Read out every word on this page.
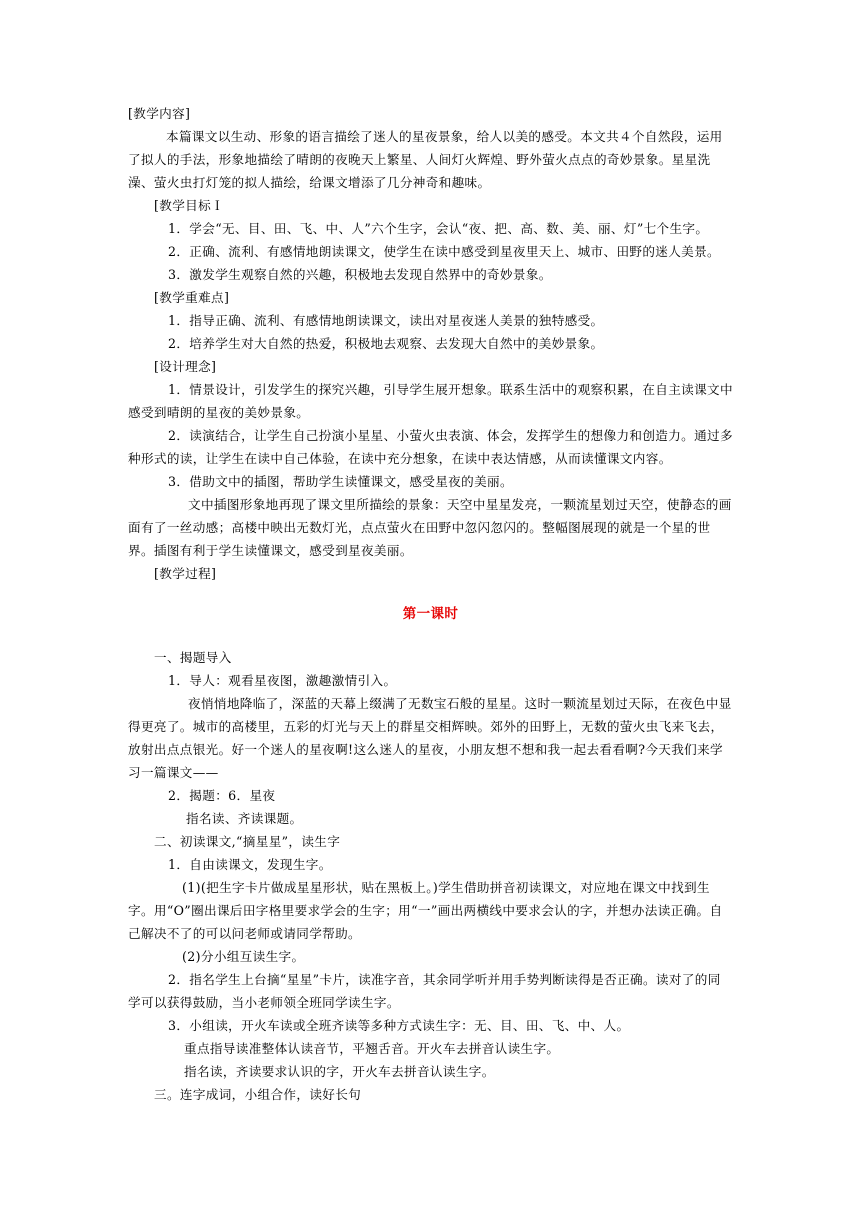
[教学内容]

本篇课文以生动、形象的语言描绘了迷人的星夜景象，给人以美的感受。本文共４个自然段，运用了拟人的手法，形象地描绘了晴朗的夜晚天上繁星、人间灯火辉煌、野外萤火点点的奇妙景象。星星洗澡、萤火虫打灯笼的拟人描绘，给课文增添了几分神奇和趣味。

[教学目标Ｉ

1．学会“无、目、田、飞、中、人”六个生字，会认“夜、把、高、数、美、丽、灯”七个生字。

2．正确、流利、有感情地朗读课文，使学生在读中感受到星夜里天上、城市、田野的迷人美景。

3．激发学生观察自然的兴趣，积极地去发现自然界中的奇妙景象。

[教学重难点]

1．指导正确、流利、有感情地朗读课文，读出对星夜迷人美景的独特感受。

2．培养学生对大自然的热爱，积极地去观察、去发现大自然中的美妙景象。

[设计理念]

1．情景设计，引发学生的探究兴趣，引导学生展开想象。联系生活中的观察积累，在自主读课文中感受到晴朗的星夜的美妙景象。

2．读演结合，让学生自己扮演小星星、小萤火虫表演、体会，发挥学生的想像力和创造力。通过多种形式的读，让学生在读中自己体验，在读中充分想象，在读中表达情感，从而读懂课文内容。

3．借助文中的插图，帮助学生读懂课文，感受星夜的美丽。

文中插图形象地再现了课文里所描绘的景象：天空中星星发亮，一颗流星划过天空，使静态的画面有了一丝动感；高楼中映出无数灯光，点点萤火在田野中忽闪忽闪的。整幅图展现的就是一个星的世界。插图有利于学生读懂课文，感受到星夜美丽。

[教学过程]

第一课时

一、揭题导入

1．导人：观看星夜图，激趣激情引入。

夜悄悄地降临了，深蓝的天幕上缀满了无数宝石般的星星。这时一颗流星划过天际，在夜色中显得更亮了。城市的高楼里，五彩的灯光与天上的群星交相辉映。郊外的田野上，无数的萤火虫飞来飞去，放射出点点银光。好一个迷人的星夜啊!这么迷人的星夜，小朋友想不想和我一起去看看啊?今天我们来学习一篇课文——

2．揭题：6．星夜

指名读、齐读课题。

二、初读课文,“摘星星”，读生字

1．自由读课文，发现生字。

(1)(把生字卡片做成星星形状，贴在黑板上。)学生借助拼音初读课文，对应地在课文中找到生字。用“O”圈出课后田字格里要求学会的生字；用“一”画出两横线中要求会认的字，并想办法读正确。自己解决不了的可以问老师或请同学帮助。

(2)分小组互读生字。

2．指名学生上台摘“星星”卡片，读准字音，其余同学听并用手势判断读得是否正确。读对了的同学可以获得鼓励，当小老师领全班同学读生字。

3．小组读，开火车读或全班齐读等多种方式读生字：无、目、田、飞、中、人。

重点指导读准整体认读音节，平翘舌音。开火车去拼音认读生字。

指名读，齐读要求认识的字，开火车去拼音认读生字。

三。连字成词，小组合作，读好长句
